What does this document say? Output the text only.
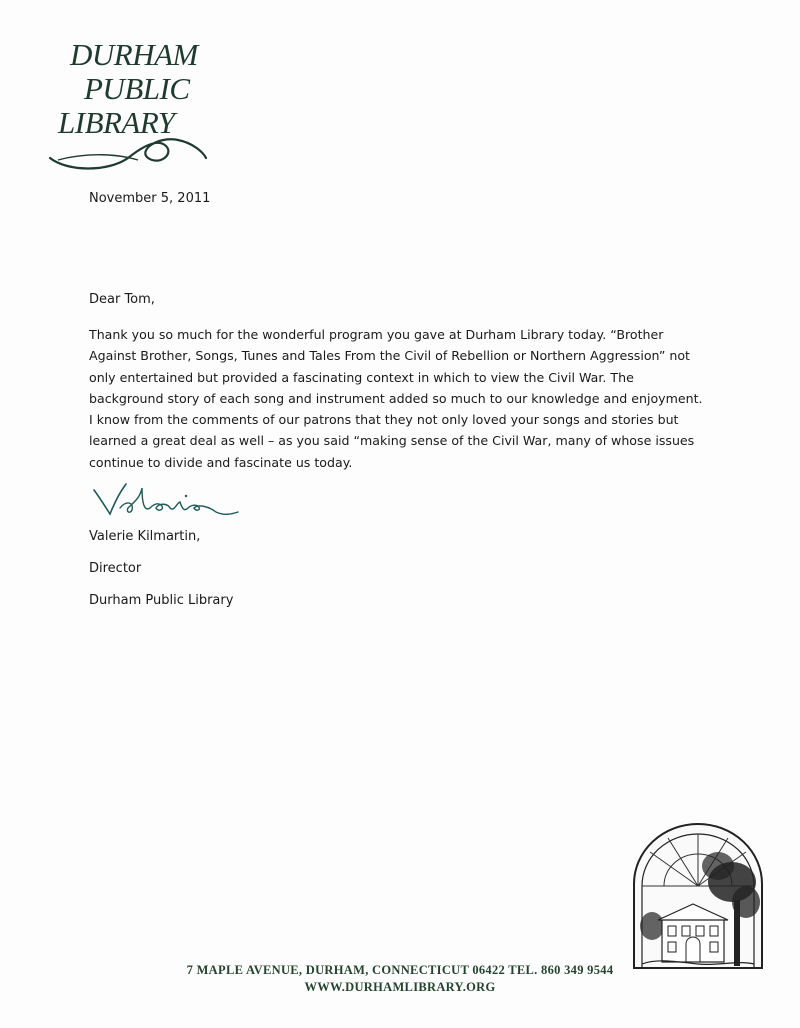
DURHAM
PUBLIC
LIBRARY
November 5, 2011
Dear Tom,

Thank you so much for the wonderful program you gave at Durham Library today. “Brother Against Brother, Songs, Tunes and Tales From the Civil of Rebellion or Northern Aggression” not only entertained but provided a fascinating context in which to view the Civil War. The background story of each song and instrument added so much to our knowledge and enjoyment. I know from the comments of our patrons that they not only loved your songs and stories but learned a great deal as well – as you said “making sense of the Civil War, many of whose issues continue to divide and fascinate us today.

Valerie Kilmartin,
Director
Durham Public Library
7 MAPLE AVENUE, DURHAM, CONNECTICUT 06422 TEL. 860 349 9544
WWW.DURHAMLIBRARY.ORG
